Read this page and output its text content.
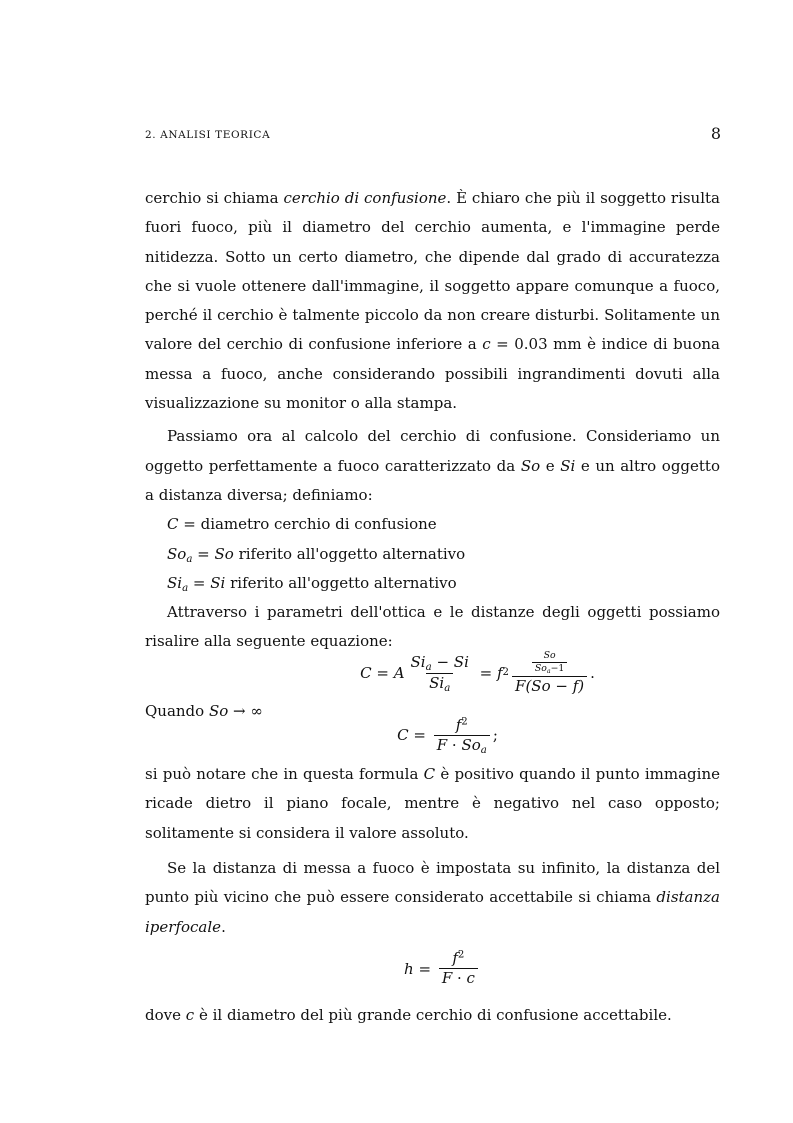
2. ANALISI TEORICA	8

cerchio si chiama cerchio di confusione. È chiaro che più il soggetto risulta fuori fuoco, più il diametro del cerchio aumenta, e l'immagine perde nitidezza. Sotto un certo diametro, che dipende dal grado di accuratezza che si vuole ottenere dall'immagine, il soggetto appare comunque a fuoco, perché il cerchio è talmente piccolo da non creare disturbi. Solitamente un valore del cerchio di confusione inferiore a c = 0.03 mm è indice di buona messa a fuoco, anche considerando possibili ingrandimenti dovuti alla visualizzazione su monitor o alla stampa.

Passiamo ora al calcolo del cerchio di confusione. Consideriamo un oggetto perfettamente a fuoco caratterizzato da So e Si e un altro oggetto a distanza diversa; definiamo:

C = diametro cerchio di confusione

$So_a = So$ riferito all'oggetto alternativo

$Si_a = Si$ riferito all'oggetto alternativo

Attraverso i parametri dell'ottica e le distanze degli oggetti possiamo risalire alla seguente equazione:

C = A $\frac{Si_a - Si}{Si_a} = f$ $2 \frac{\frac{So}{So_a-1}}{F(So - f)}$ .

Quando So → ∞

$C = \frac{f^2}{F \cdot So_a}$ ;

si può notare che in questa formula C è positivo quando il punto immagine ricade dietro il piano focale, mentre è negativo nel caso opposto; solitamente si considera il valore assoluto.

Se la distanza di messa a fuoco è impostata su infinito, la distanza del punto più vicino che può essere considerato accettabile si chiama distanza iperfocale.

$h = \frac{f^2}{F \cdot c}$

dove c è il diametro del più grande cerchio di confusione accettabile.
